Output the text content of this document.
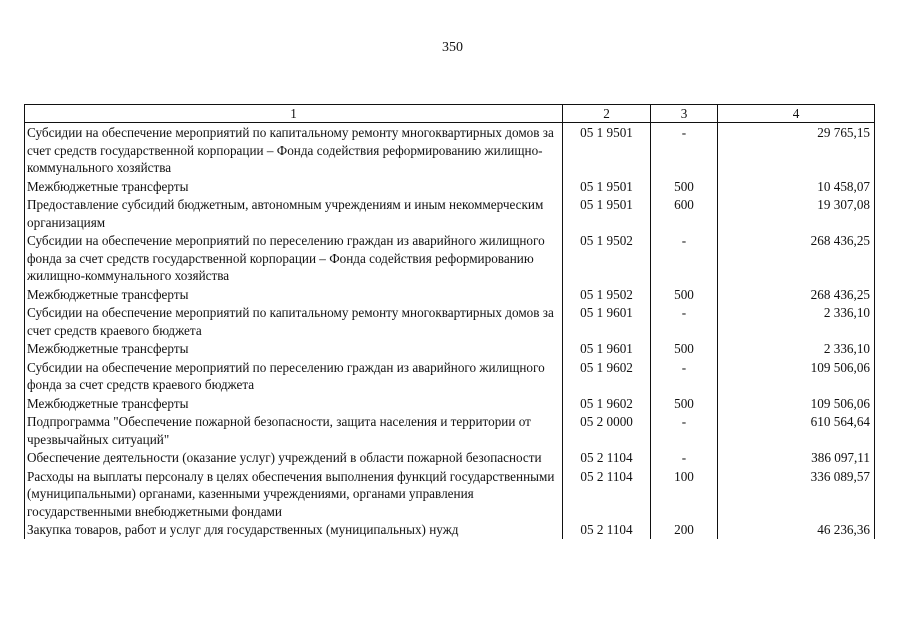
350
1	2	3	4
Субсидии на обеспечение мероприятий по капитальному ремонту многоквартирных домов за счет средств государственной корпорации – Фонда содействия реформированию жилищно-коммунального хозяйства	05 1 9501	-	29 765,15
Межбюджетные трансферты	05 1 9501	500	10 458,07
Предоставление субсидий бюджетным, автономным учреждениям и иным некоммерческим организациям	05 1 9501	600	19 307,08
Субсидии на обеспечение мероприятий по переселению граждан из аварийного жилищного фонда за счет средств государственной корпорации – Фонда содействия реформированию жилищно-коммунального хозяйства	05 1 9502	-	268 436,25
Межбюджетные трансферты	05 1 9502	500	268 436,25
Субсидии на обеспечение мероприятий по капитальному ремонту многоквартирных домов за счет средств краевого бюджета	05 1 9601	-	2 336,10
Межбюджетные трансферты	05 1 9601	500	2 336,10
Субсидии на обеспечение мероприятий по переселению граждан из аварийного жилищного фонда за счет средств краевого бюджета	05 1 9602	-	109 506,06
Межбюджетные трансферты	05 1 9602	500	109 506,06
Подпрограмма "Обеспечение пожарной безопасности, защита населения и территории от чрезвычайных ситуаций"	05 2 0000	-	610 564,64
Обеспечение деятельности (оказание услуг) учреждений в области пожарной безопасности	05 2 1104	-	386 097,11
Расходы на выплаты персоналу в целях обеспечения выполнения функций государственными (муниципальными) органами, казенными учреждениями, органами управления государственными внебюджетными фондами	05 2 1104	100	336 089,57
Закупка товаров, работ и услуг для государственных (муниципальных) нужд	05 2 1104	200	46 236,36
